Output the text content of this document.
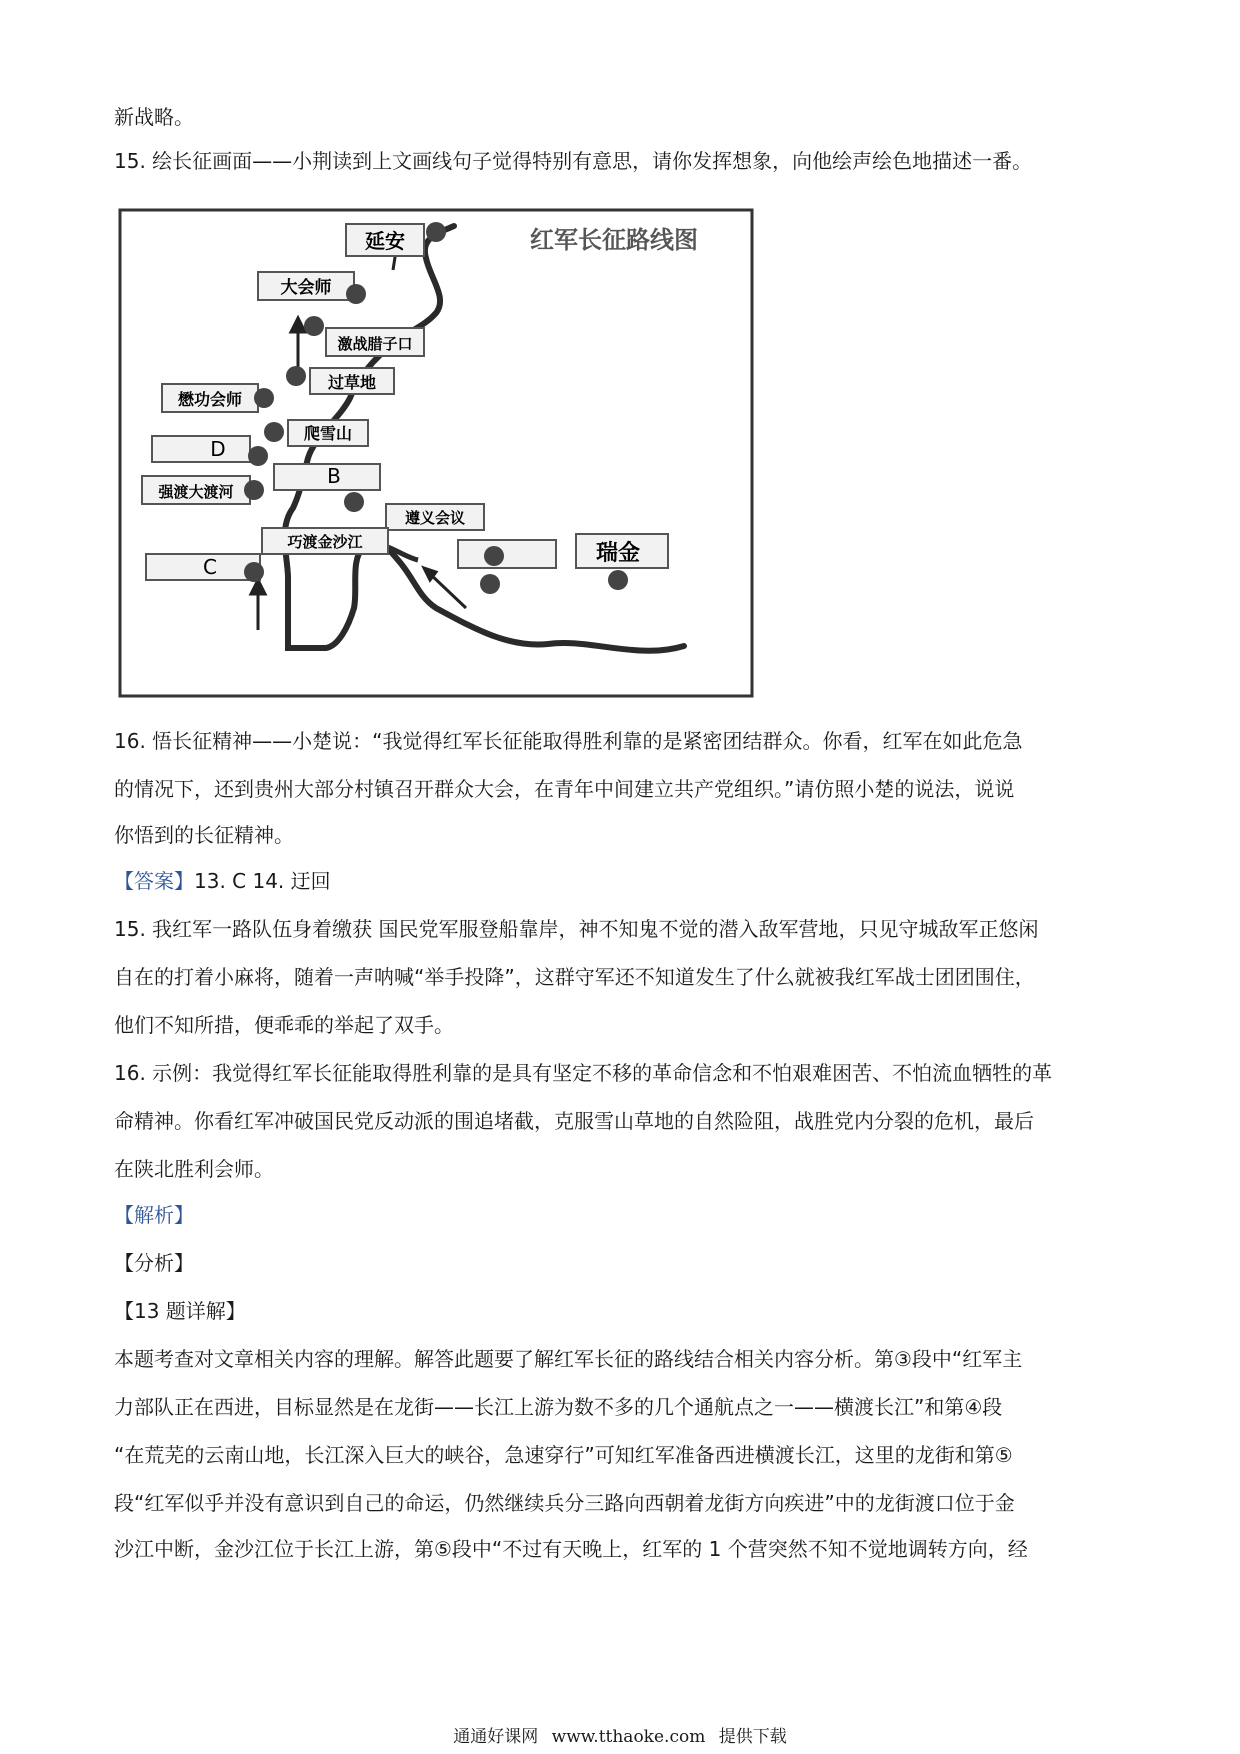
新战略。
15. 绘长征画面——小荆读到上文画线句子觉得特别有意思，请你发挥想象，向他绘声绘色地描述一番。
红军长征路线图
延安
大会师
激战腊子口
过草地
懋功会师
爬雪山
D
B
强渡大渡河
遵义会议
巧渡金沙江	瑞金
C
16. 悟长征精神——小楚说：“我觉得红军长征能取得胜利靠的是紧密团结群众。你看，红军在如此危急
的情况下，还到贵州大部分村镇召开群众大会，在青年中间建立共产党组织。”请仿照小楚的说法，说说
你悟到的长征精神。
【答案】13. C 14. 迂回
15. 我红军一路队伍身着缴获 国民党军服登船靠岸，神不知鬼不觉的潜入敌军营地，只见守城敌军正悠闲
自在的打着小麻将，随着一声呐喊“举手投降”，这群守军还不知道发生了什么就被我红军战士团团围住，
他们不知所措，便乖乖的举起了双手。
16. 示例：我觉得红军长征能取得胜利靠的是具有坚定不移的革命信念和不怕艰难困苦、不怕流血牺牲的革
命精神。你看红军冲破国民党反动派的围追堵截，克服雪山草地的自然险阻，战胜党内分裂的危机，最后
在陕北胜利会师。
【解析】
【分析】
【13 题详解】
本题考查对文章相关内容的理解。解答此题要了解红军长征的路线结合相关内容分析。第③段中“红军主
力部队正在西进，目标显然是在龙街——长江上游为数不多的几个通航点之一——横渡长江”和第④段
“在荒芜的云南山地，长江深入巨大的峡谷，急速穿行”可知红军准备西进横渡长江，这里的龙街和第⑤
段“红军似乎并没有意识到自己的命运，仍然继续兵分三路向西朝着龙街方向疾进”中的龙街渡口位于金
沙江中断，金沙江位于长江上游，第⑤段中“不过有天晚上，红军的 1 个营突然不知不觉地调转方向，经
通通好课网 www.tthaoke.com 提供下载
